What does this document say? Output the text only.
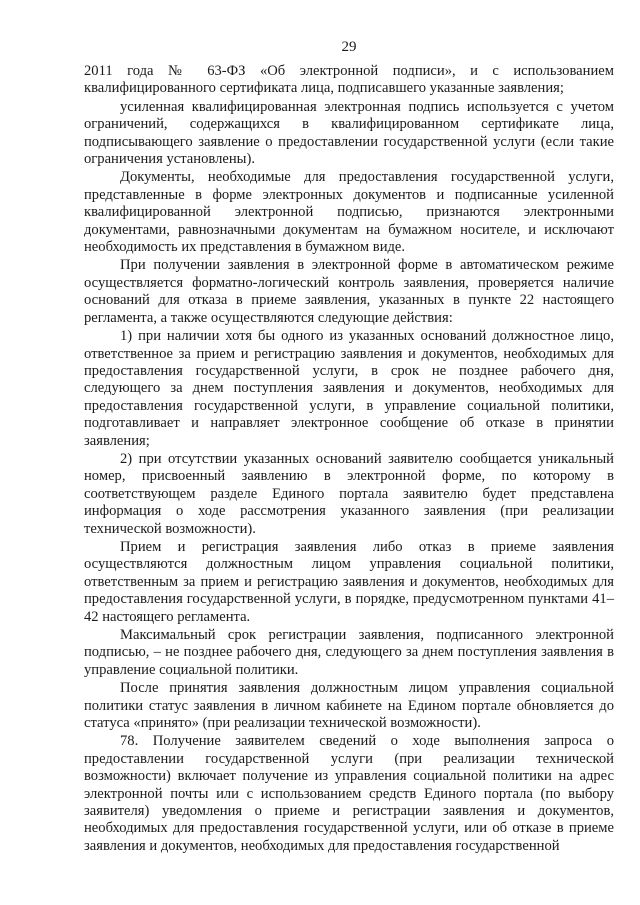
29

2011 года № 63-ФЗ «Об электронной подписи», и с использованием квалифицированного сертификата лица, подписавшего указанные заявления;

усиленная квалифицированная электронная подпись используется с учетом ограничений, содержащихся в квалифицированном сертификате лица, подписывающего заявление о предоставлении государственной услуги (если такие ограничения установлены).

Документы, необходимые для предоставления государственной услуги, представленные в форме электронных документов и подписанные усиленной квалифицированной электронной подписью, признаются электронными документами, равнозначными документам на бумажном носителе, и исключают необходимость их представления в бумажном виде.

При получении заявления в электронной форме в автоматическом режиме осуществляется форматно-логический контроль заявления, проверяется наличие оснований для отказа в приеме заявления, указанных в пункте 22 настоящего регламента, а также осуществляются следующие действия:

1) при наличии хотя бы одного из указанных оснований должностное лицо, ответственное за прием и регистрацию заявления и документов, необходимых для предоставления государственной услуги, в срок не позднее рабочего дня, следующего за днем поступления заявления и документов, необходимых для предоставления государственной услуги, в управление социальной политики, подготавливает и направляет электронное сообщение об отказе в принятии заявления;

2) при отсутствии указанных оснований заявителю сообщается уникальный номер, присвоенный заявлению в электронной форме, по которому в соответствующем разделе Единого портала заявителю будет представлена информация о ходе рассмотрения указанного заявления (при реализации технической возможности).

Прием и регистрация заявления либо отказ в приеме заявления осуществляются должностным лицом управления социальной политики, ответственным за прием и регистрацию заявления и документов, необходимых для предоставления государственной услуги, в порядке, предусмотренном пунктами 41–42 настоящего регламента.

Максимальный срок регистрации заявления, подписанного электронной подписью, – не позднее рабочего дня, следующего за днем поступления заявления в управление социальной политики.

После принятия заявления должностным лицом управления социальной политики статус заявления в личном кабинете на Едином портале обновляется до статуса «принято» (при реализации технической возможности).

78. Получение заявителем сведений о ходе выполнения запроса о предоставлении государственной услуги (при реализации технической возможности) включает получение из управления социальной политики на адрес электронной почты или с использованием средств Единого портала (по выбору заявителя) уведомления о приеме и регистрации заявления и документов, необходимых для предоставления государственной услуги, или об отказе в приеме заявления и документов, необходимых для предоставления государственной
